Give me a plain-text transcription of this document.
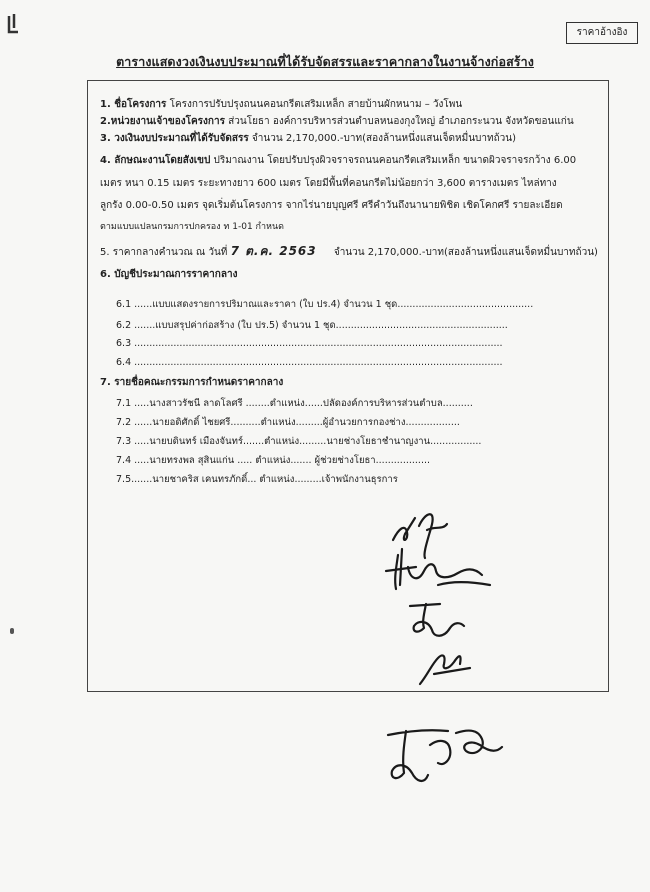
ราคาอ้างอิง
ตารางแสดงวงเงินงบประมาณที่ได้รับจัดสรรและราคากลางในงานจ้างก่อสร้าง
1. ชื่อโครงการ โครงการปรับปรุงถนนคอนกรีตเสริมเหล็ก สายบ้านผักหนาม – วังโพน
2.หน่วยงานเจ้าของโครงการ ส่วนโยธา องค์การบริหารส่วนตำบลหนองกุงใหญ่ อำเภอกระนวน จังหวัดขอนแก่น
3. วงเงินงบประมาณที่ได้รับจัดสรร จำนวน 2,170,000.-บาท(สองล้านหนึ่งแสนเจ็ดหมื่นบาทถ้วน)
4. ลักษณะงานโดยสังเขป ปริมาณงาน โดยปรับปรุงผิวจราจรถนนคอนกรีตเสริมเหล็ก ขนาดผิวจราจรกว้าง 6.00
เมตร หนา 0.15 เมตร ระยะทางยาว 600 เมตร โดยมีพื้นที่คอนกรีตไม่น้อยกว่า 3,600 ตารางเมตร ไหล่ทาง
ลูกรัง 0.00-0.50 เมตร จุดเริ่มต้นโครงการ จากไร่นายบุญศรี ศรีคำวันถึงนานายพิชิต เชิดโคกศรี รายละเอียด
ตามแบบแปลนกรมการปกครอง ท 1-01 กำหนด
5. ราคากลางคำนวณ ณ วันที่ 7 ต.ค. 2563 จำนวน 2,170,000.-บาท(สองล้านหนึ่งแสนเจ็ดหมื่นบาทถ้วน)
6. บัญชีประมาณการราคากลาง
6.1 ......แบบแสดงรายการปริมาณและราคา (ใบ ปร.4) จำนวน 1 ชุด.............................................
6.2 .......แบบสรุปค่าก่อสร้าง (ใบ ปร.5) จำนวน 1 ชุด.........................................................
6.3 ..........................................................................................................................
6.4 ..........................................................................................................................
7. รายชื่อคณะกรรมการกำหนดราคากลาง
7.1 .....นางสาวรัชนี ลาดโลศรี ........ตำแหน่ง......ปลัดองค์การบริหารส่วนตำบล..........
7.2 ......นายอดิศักดิ์ ไชยศรี..........ตำแหน่ง.........ผู้อำนวยการกองช่าง..................
7.3 .....นายบดินทร์ เมืองจันทร์.......ตำแหน่ง.........นายช่างโยธาชำนาญงาน.................
7.4 .....นายทรงพล สุสินแก่น ..... ตำแหน่ง....... ผู้ช่วยช่างโยธา..................
7.5.......นายชาคริส เคนทรภักดิ์... ตำแหน่ง.........เจ้าพนักงานธุรการ
